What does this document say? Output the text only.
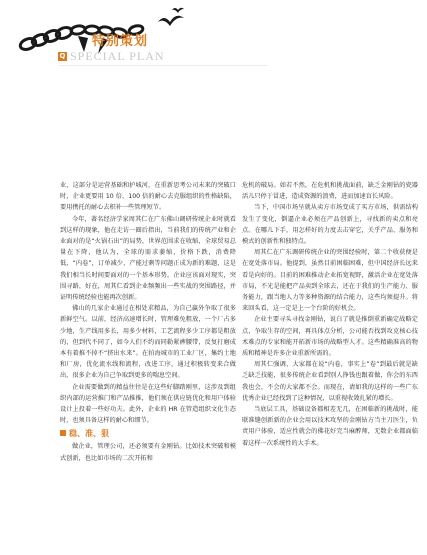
特别策划
Q SPECIAL PLAN

业，这部分是运营基础和护城河，在重新思考公司未来的突破口时，企业更要用 10 倍、100 倍的耐心去克服组织的性格缺陷，要用携托的耐心去积补一些管理短节。

今年，著名经济学家周其仁在广东佛山调研传统企业时就看到这样的现象，他在走访一圈后指出，当前我们的传统产业和企业面对的是“火锅石出”的局势，世界范围求在收缩，全球贸易总量在下降，他认为，全球的需求萎缩，价格下跌，消费降低，“内卷”，订单减少，产能过剩等问题正成为新的难题，这是我们相当长时间要面对的一个基本形势。企业应该面对现实，突围寻路，好在，周其仁看到企业频频出一些实战的突围路径，并证明传统经验也能再次创新。

佛山的几家企业通过在相处求精品，为自己赢外争取了很多新鲜空气。以前，经济高速增长时，管理难免粗放，一个厂占多少地，生产线用多长，用多少材料，工艺流程多少工序都是粗放的，但到代不同了，如今人们不约而同勒紧裤腰带，反复打磨成本有着推不掉不“挤出水来”。在拍海城市的工业厂区，集约土地和厂房，优化流水线和流程，改进工序，通过积极转变来合做出，很多企业为自己争取到更多的喘息空间。

企业需要做到的精益往往是在这些好脚踏刚里，这涉及到组织内部的运营推门和产品推推，他们须在供应链优化和用户体验设计上投着一些好功夫。此外，企业的 HR 在管造组织文化生态时，也须具备这样的耐心和细节。

稳、准、狠

做企业，管理公司，还必须要有金刚钻。比如技术突破和模式创新，也比如市场的二次开拓和

危机的破局。如若不然，在危机和挑战面前，缺乏金刚钻的瓷器活儿只停于冒进，造成资源的浪费，进而加速盲长风险。

当下，中国市场呈就从卖方市场变成了买方市场，供需结构发生了变化，倒逼企业必须在产品创新上，寻找新的卖点和亮点。在哪儿下手，用怎样好的力度去击穿它，关乎产品、服务和模式的创新性和独特点。

周其仁在广东调研传统企业的突围经验时，第二个收获便是在宽处落市局。他提到，虽然目前困临困难，但中国经济长远来看是向好的。目前的困难推动企业拓宽视野，激活企业在宽处落市局，不光是能把产品卖到全球去，还在于我们的生产能力、服务能力，跟当地人力等多种资源的结合能力，这些均须提升。将来回头看，这一定是上一个台阶的好机会。

企业主要寻头寻找金刚钻，说白了就是推倒重新确定战略定点，争取生存的空间，再具体点分析，公司能否找到攻克核心技术难点的专家和能开拓新市场的战略型人才。这些精确准高的物质和精神是许多企业重新所需的。

周其仁强调，大家都在说“内卷，事实上”卷”到最后就是缺乏缺乏技能，很多传统企业看到别人挣钱也跟着做，你会的东西我也会，不会的大家都不会。而现在，请如我的这样的一些广东优秀企业已经找到了这种情况，以重视收敛扎紧的增长。

当底层工具，基础设备都相差无几，在困临新的挑战时，能联准缝创新新的企业会用以技术攻坚的金刚钻方当主刀医生，负责用户体验，适应性就会的佛花好完当麻醉师，无数企业都面临着这样一次系统性的大手术。
